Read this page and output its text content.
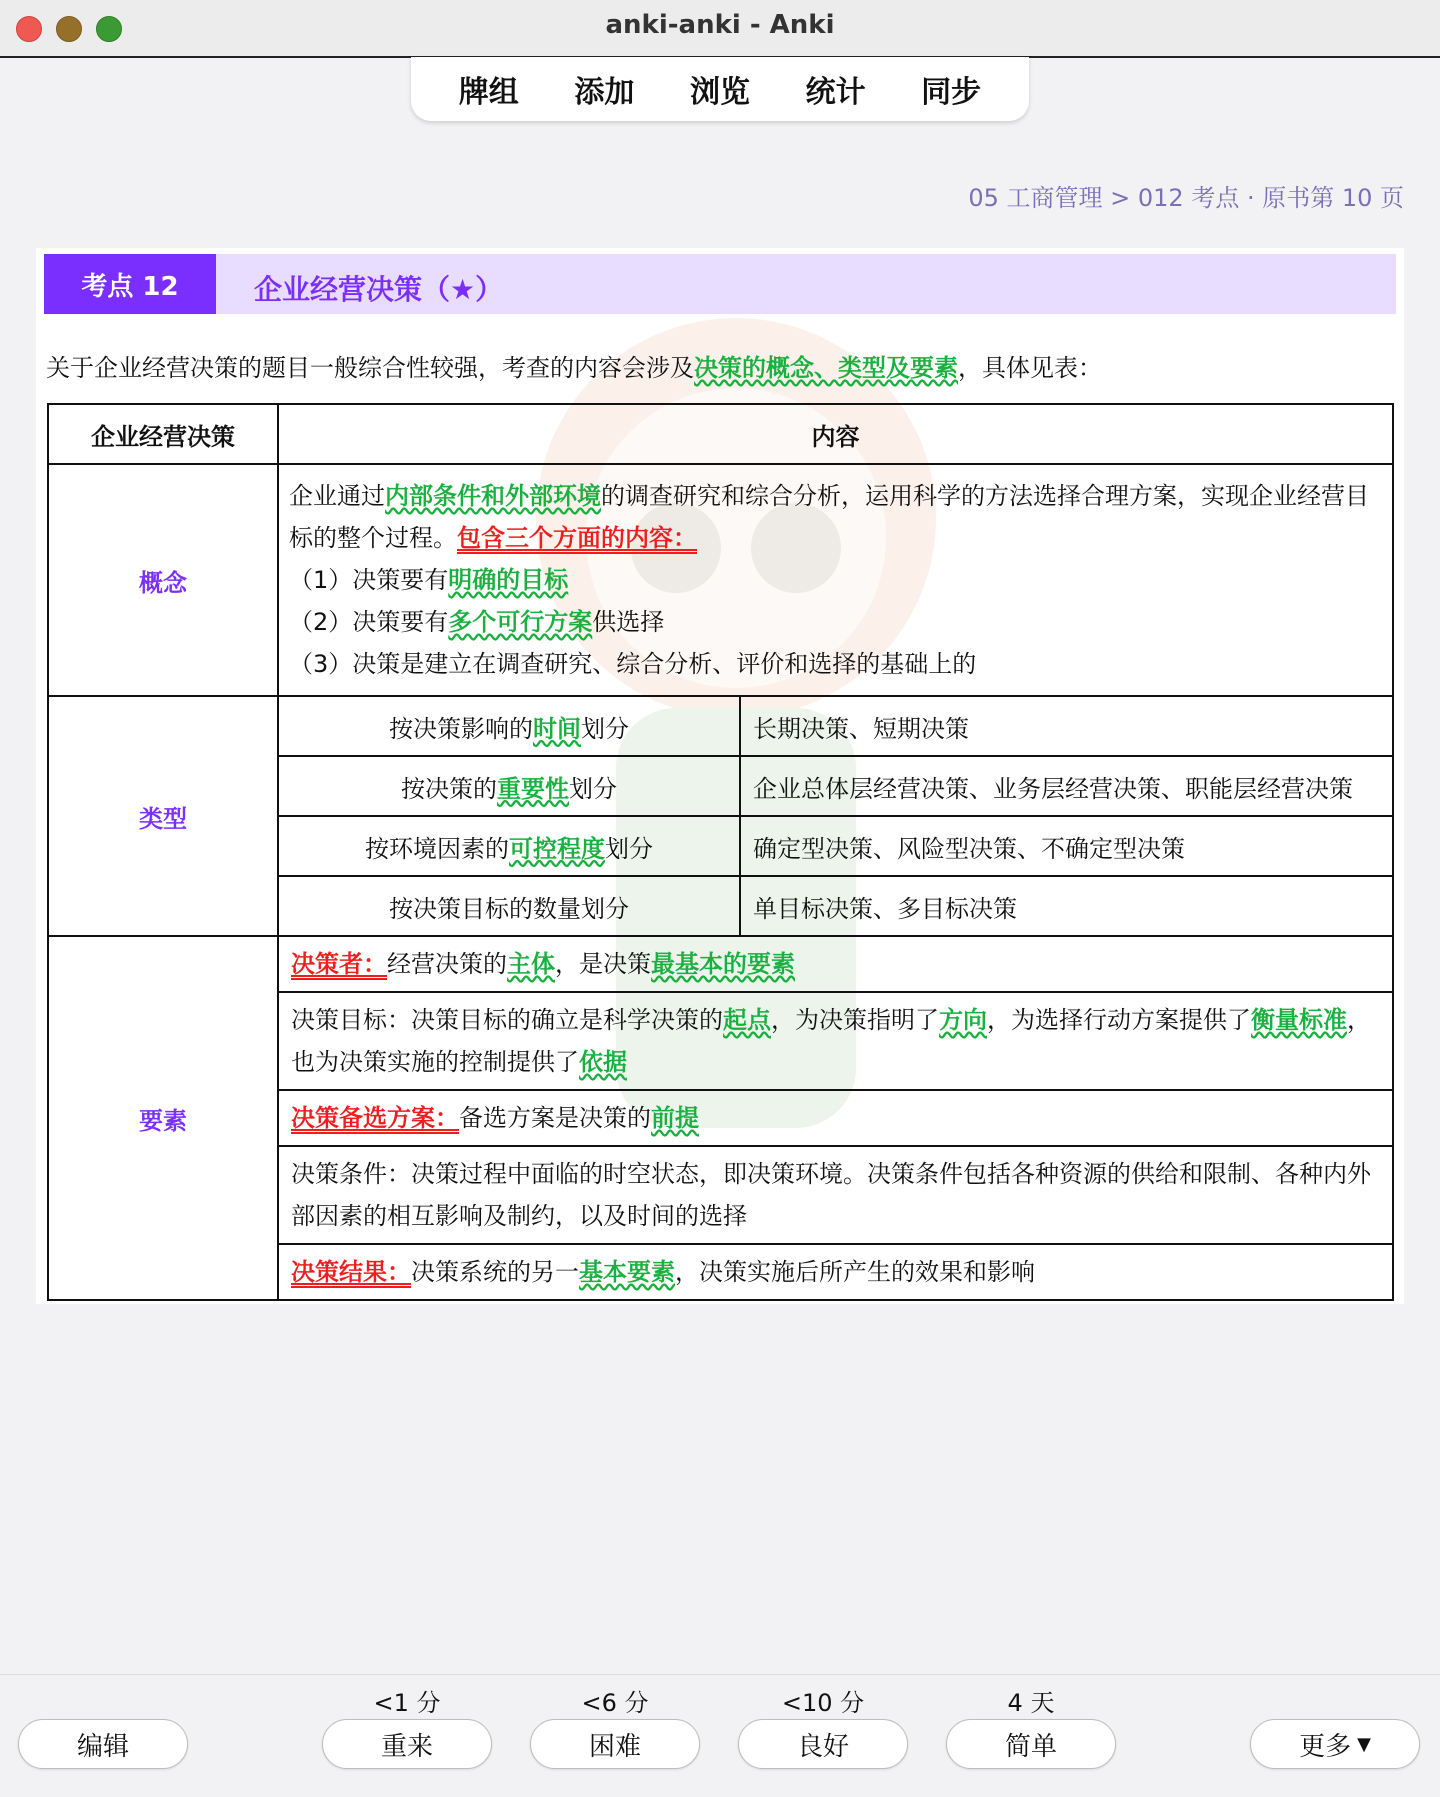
anki-anki - Anki
牌组 添加 浏览 统计 同步
05 工商管理 > 012 考点 · 原书第 10 页
考点 12	企业经营决策（★）
关于企业经营决策的题目一般综合性较强，考查的内容会涉及决策的概念、类型及要素，具体见表：
企业经营决策	内容	
概念	企业通过内部条件和外部环境的调查研究和综合分析，运用科学的方法选择合理方案，实现企业经营目标的整个过程。包含三个方面的内容：
（1）决策要有明确的目标
（2）决策要有多个可行方案供选择
（3）决策是建立在调查研究、综合分析、评价和选择的基础上的	

类型	按决策影响的时间划分	长期决策、短期决策
	按决策的重要性划分	企业总体层经营决策、业务层经营决策、职能层经营决策
	按环境因素的可控程度划分	确定型决策、风险型决策、不确定型决策
	按决策目标的数量划分	单目标决策、多目标决策
要素	决策者：经营决策的主体，是决策最基本的要素	
	决策目标：决策目标的确立是科学决策的起点，为决策指明了方向，为选择行动方案提供了衡量标准，也为决策实施的控制提供了依据	
	决策备选方案：备选方案是决策的前提	
	决策条件：决策过程中面临的时空状态，即决策环境。决策条件包括各种资源的供给和限制、各种内外部因素的相互影响及制约，以及时间的选择	
	决策结果：决策系统的另一基本要素，决策实施后所产生的效果和影响	
编辑
<1 分
重来
<6 分
困难
<10 分
良好
4 天
简单	更多 ▼
